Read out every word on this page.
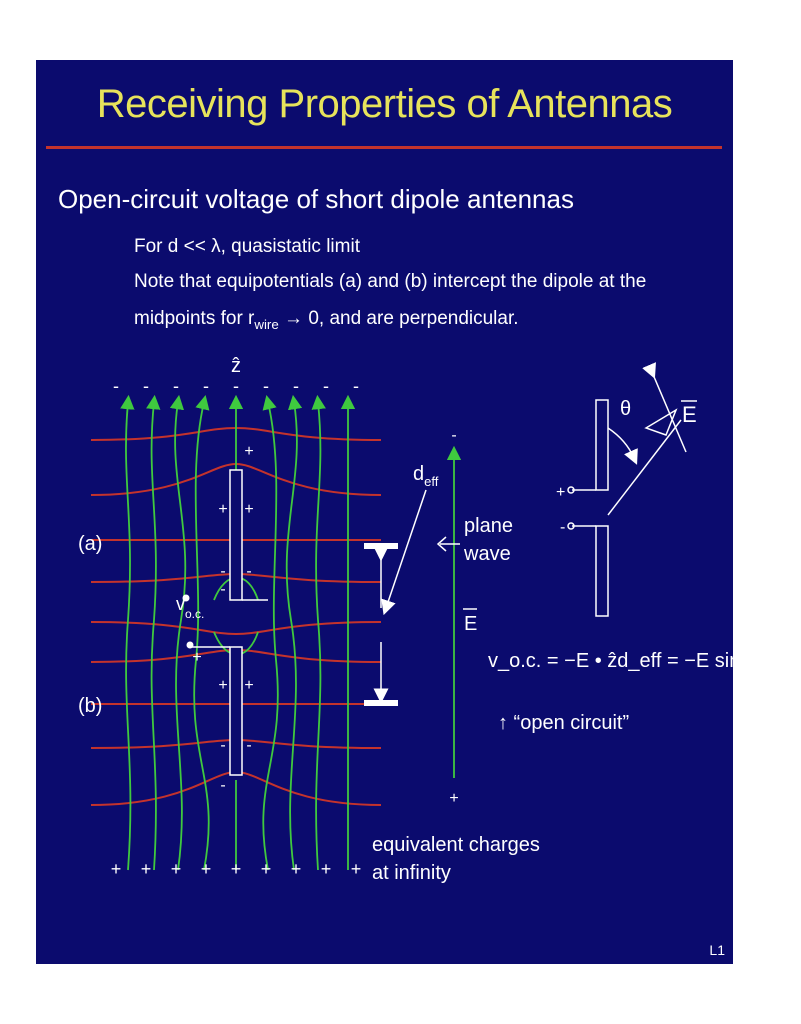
Receiving Properties of Antennas
Open-circuit voltage of short dipole antennas
For d << λ, quasistatic limit
Note that equipotentials (a) and (b) intercept the dipole at the
midpoints for $r_{wire} \to 0$, and are perpendicular.
ẑ
- - - - - - - - -
+
+ +
- -
-
+
+ +
- -
-
$v_{o.c.}$
+ + + + + + + + +
(a)
(b)
$d_{eff}$
-
+
E
plane
wave
+
-
θ E
v_o.c. = −E • ẑd_eff = −E sinθ d_eff
↑ “open circuit”
equivalent charges
at infinity
L1
